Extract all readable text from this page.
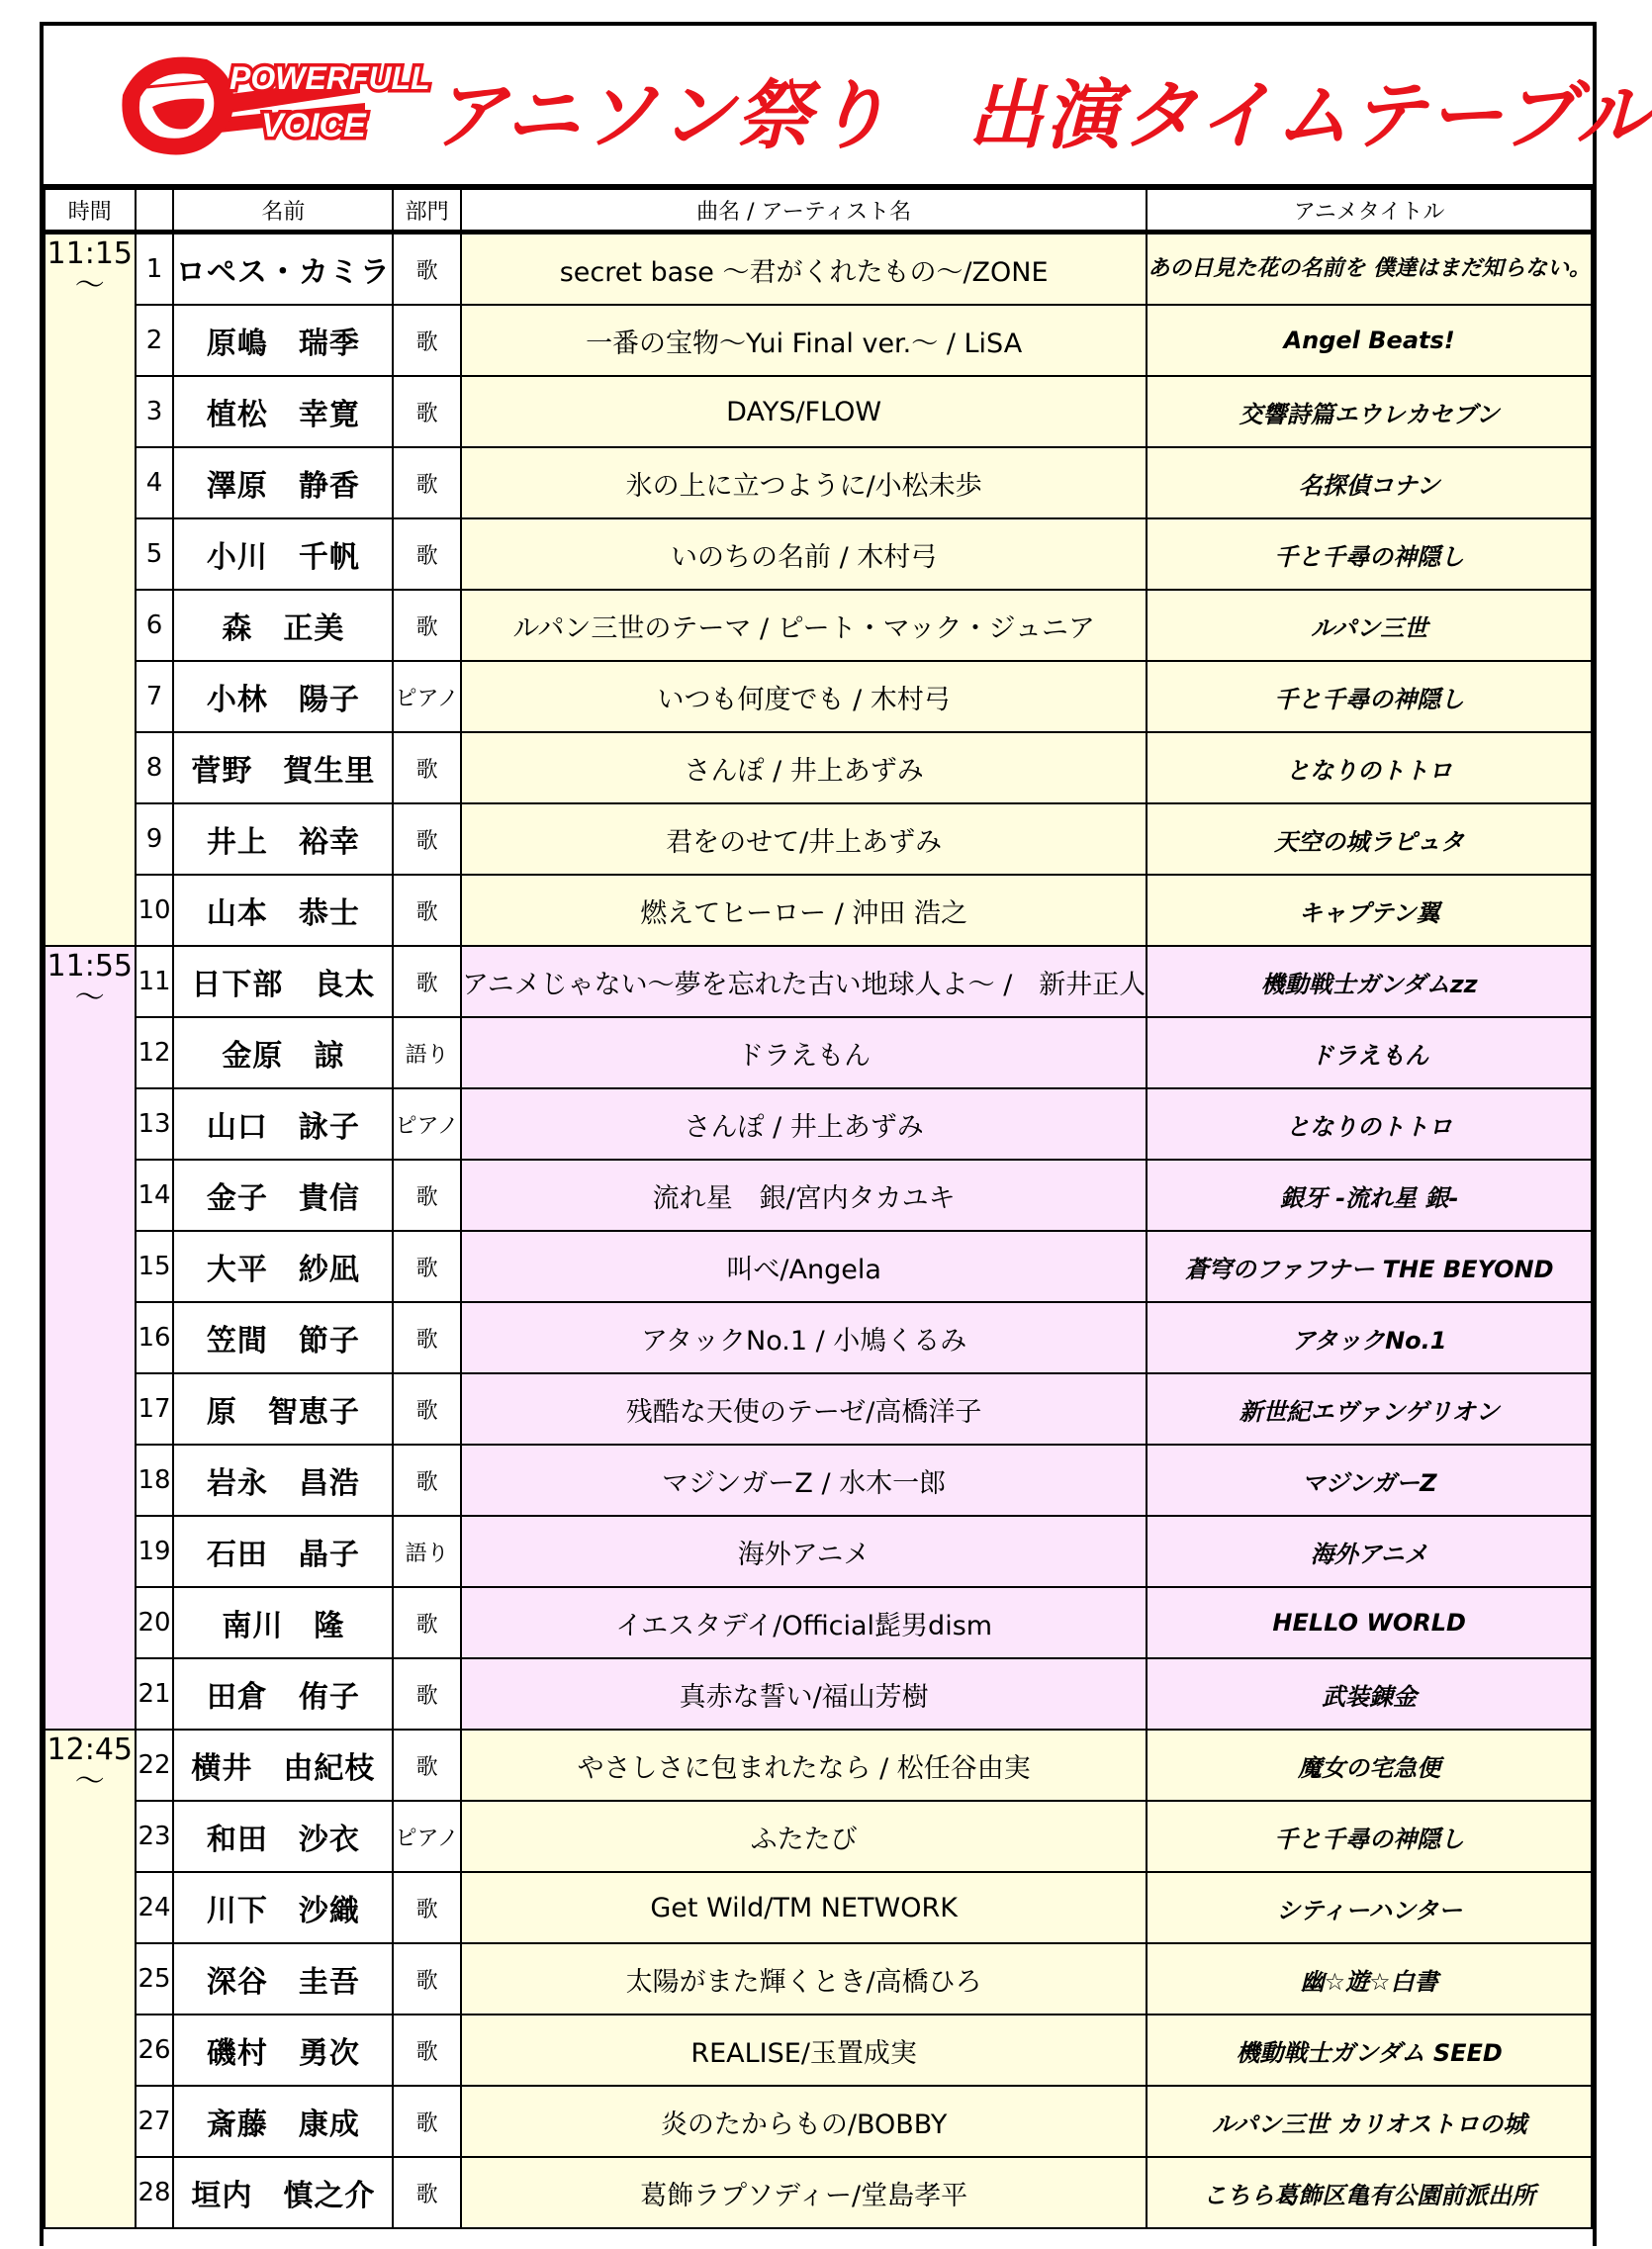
POWERFULL
VOICE アニソン祭り　出演タイムテーブル
時間		名前	部門	曲名 / アーティスト名	アニメタイトル

11:15
～	1	ロペス・カミラ	歌	secret base ～君がくれたもの～/ZONE	あの日見た花の名前を 僕達はまだ知らない。
	2	原嶋　瑞季	歌	一番の宝物～Yui Final ver.～ / LiSA	Angel Beats!
	3	植松　幸寛	歌	DAYS/FLOW	交響詩篇エウレカセブン
	4	澤原　静香	歌	氷の上に立つように/小松未歩	名探偵コナン
	5	小川　千帆	歌	いのちの名前 / 木村弓	千と千尋の神隠し
	6	森　正美	歌	ルパン三世のテーマ / ピート・マック・ジュニア	ルパン三世
	7	小林　陽子	ピアノ	いつも何度でも / 木村弓	千と千尋の神隠し
	8	菅野　賀生里	歌	さんぽ / 井上あずみ	となりのトトロ
	9	井上　裕幸	歌	君をのせて/井上あずみ	天空の城ラピュタ
	10	山本　恭士	歌	燃えてヒーロー / 沖田 浩之	キャプテン翼

11:55
～	11	日下部　良太	歌	アニメじゃない～夢を忘れた古い地球人よ～ /　新井正人	機動戦士ガンダムzz
	12	金原　諒	語り	ドラえもん	ドラえもん
	13	山口　詠子	ピアノ	さんぽ / 井上あずみ	となりのトトロ
	14	金子　貴信	歌	流れ星　銀/宮内タカユキ	銀牙 -流れ星 銀-
	15	大平　紗凪	歌	叫べ/Angela	蒼穹のファフナー THE BEYOND
	16	笠間　節子	歌	アタックNo.1 / 小鳩くるみ	アタックNo.1
	17	原　智恵子	歌	残酷な天使のテーゼ/高橋洋子	新世紀エヴァンゲリオン
	18	岩永　昌浩	歌	マジンガーZ / 水木一郎	マジンガーZ
	19	石田　晶子	語り	海外アニメ	海外アニメ
	20	南川　隆	歌	イエスタデイ/Official髭男dism	HELLO WORLD
	21	田倉　侑子	歌	真赤な誓い/福山芳樹	武装錬金

12:45
～	22	横井　由紀枝	歌	やさしさに包まれたなら / 松任谷由実	魔女の宅急便
	23	和田　沙衣	ピアノ	ふたたび	千と千尋の神隠し
	24	川下　沙織	歌	Get Wild/TM NETWORK	シティーハンター
	25	深谷　圭吾	歌	太陽がまた輝くとき/高橋ひろ	幽☆遊☆白書
	26	磯村　勇次	歌	REALISE/玉置成実	機動戦士ガンダム SEED
	27	斎藤　康成	歌	炎のたからもの/BOBBY	ルパン三世 カリオストロの城
	28	垣内　慎之介	歌	葛飾ラプソディー/堂島孝平	こちら葛飾区亀有公園前派出所
